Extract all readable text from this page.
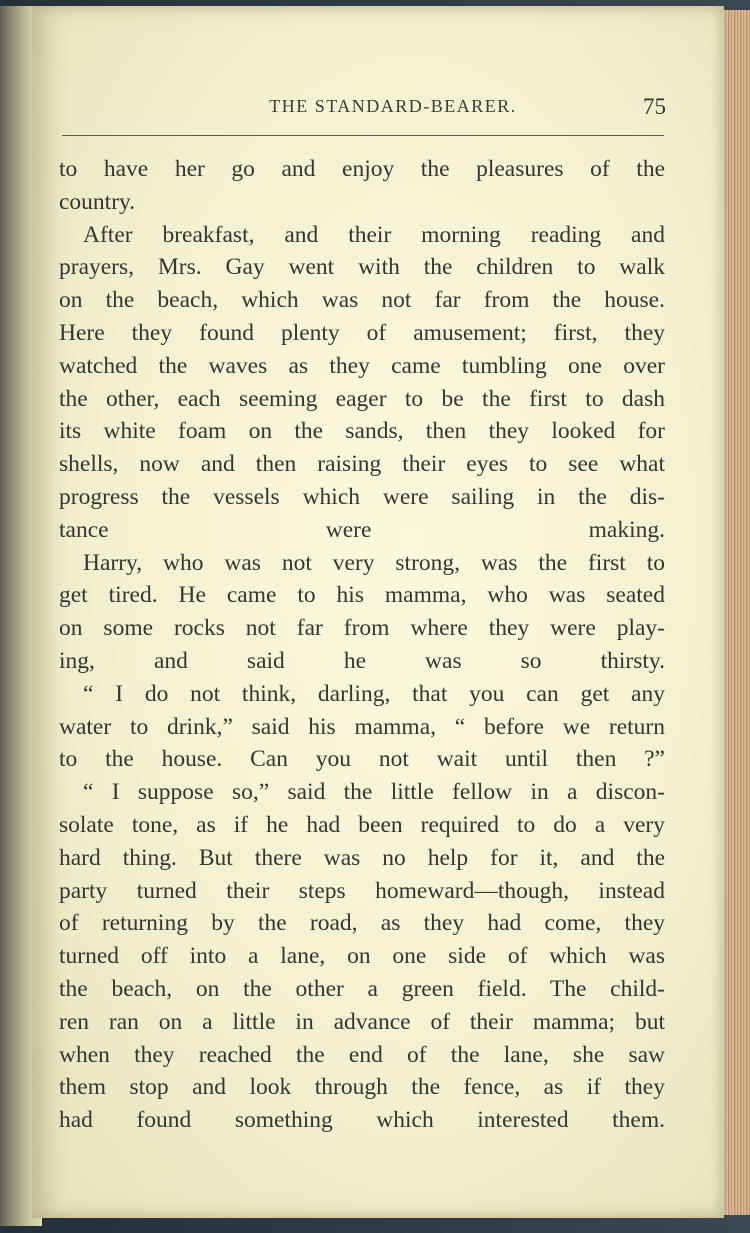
THE STANDARD-BEARER.	75

to have her go and enjoy the pleasures of the
country.

After breakfast, and their morning reading and
prayers, Mrs. Gay went with the children to walk
on the beach, which was not far from the house.
Here they found plenty of amusement; first, they
watched the waves as they came tumbling one over
the other, each seeming eager to be the first to dash
its white foam on the sands, then they looked for
shells, now and then raising their eyes to see what
progress the vessels which were sailing in the dis-
tance were making.

Harry, who was not very strong, was the first to
get tired. He came to his mamma, who was seated
on some rocks not far from where they were play-
ing, and said he was so thirsty.

“ I do not think, darling, that you can get any
water to drink,” said his mamma, “ before we return
to the house. Can you not wait until then ?”

“ I suppose so,” said the little fellow in a discon-
solate tone, as if he had been required to do a very
hard thing. But there was no help for it, and the
party turned their steps homeward—though, instead
of returning by the road, as they had come, they
turned off into a lane, on one side of which was
the beach, on the other a green field. The child-
ren ran on a little in advance of their mamma; but
when they reached the end of the lane, she saw
them stop and look through the fence, as if they
had found something which interested them.
